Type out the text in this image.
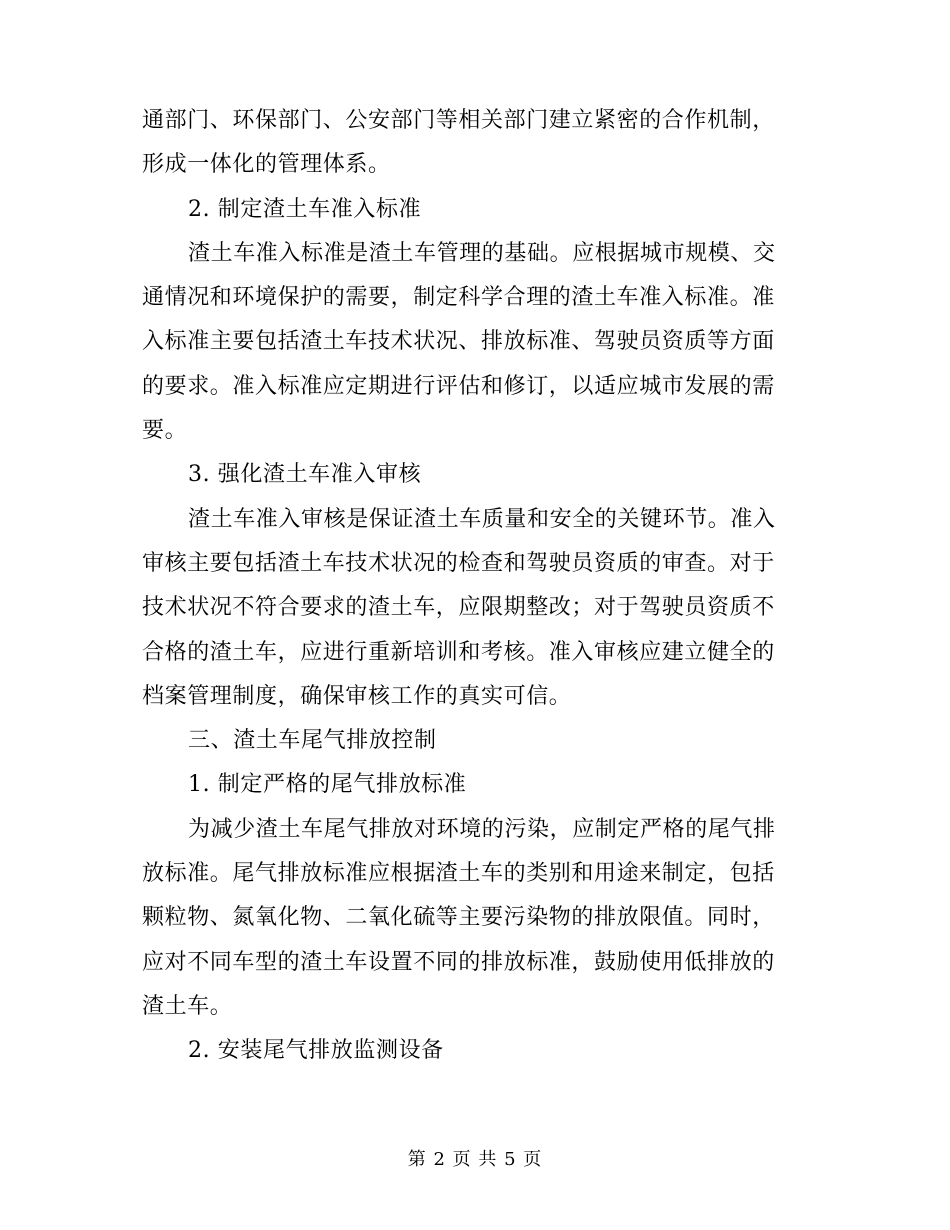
通部门、环保部门、公安部门等相关部门建立紧密的合作机制，
形成一体化的管理体系。
2. 制定渣土车准入标准
渣土车准入标准是渣土车管理的基础。应根据城市规模、交
通情况和环境保护的需要，制定科学合理的渣土车准入标准。准
入标准主要包括渣土车技术状况、排放标准、驾驶员资质等方面
的要求。准入标准应定期进行评估和修订，以适应城市发展的需
要。
3. 强化渣土车准入审核
渣土车准入审核是保证渣土车质量和安全的关键环节。准入
审核主要包括渣土车技术状况的检查和驾驶员资质的审查。对于
技术状况不符合要求的渣土车，应限期整改；对于驾驶员资质不
合格的渣土车，应进行重新培训和考核。准入审核应建立健全的
档案管理制度，确保审核工作的真实可信。
三、渣土车尾气排放控制
1. 制定严格的尾气排放标准
为减少渣土车尾气排放对环境的污染，应制定严格的尾气排
放标准。尾气排放标准应根据渣土车的类别和用途来制定，包括
颗粒物、氮氧化物、二氧化硫等主要污染物的排放限值。同时，
应对不同车型的渣土车设置不同的排放标准，鼓励使用低排放的
渣土车。
2. 安装尾气排放监测设备
第 2 页 共 5 页
